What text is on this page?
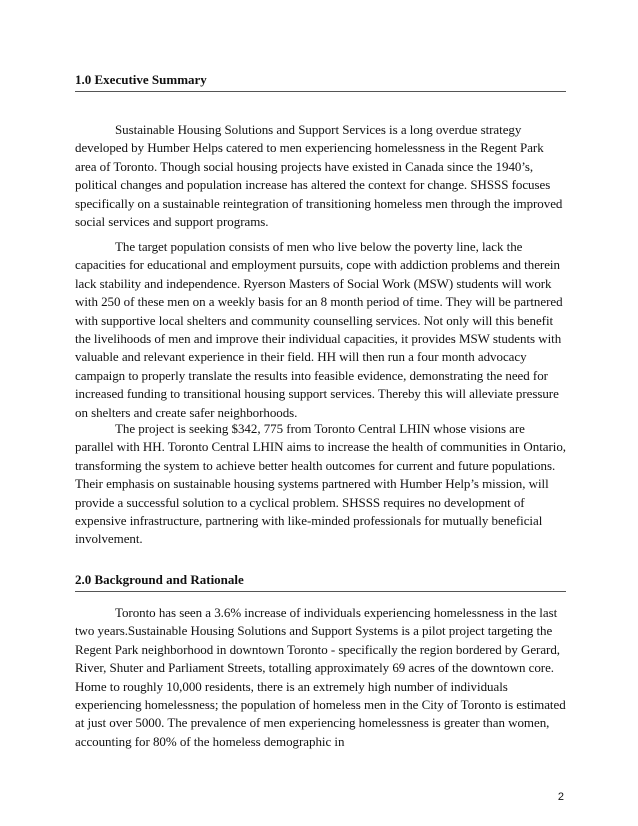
1.0 Executive Summary

Sustainable Housing Solutions and Support Services is a long overdue strategy developed by Humber Helps catered to men experiencing homelessness in the Regent Park area of Toronto. Though social housing projects have existed in Canada since the 1940’s, political changes and population increase has altered the context for change. SHSSS focuses specifically on a sustainable reintegration of transitioning homeless men through the improved social services and support programs.

The target population consists of men who live below the poverty line, lack the capacities for educational and employment pursuits, cope with addiction problems and therein lack stability and independence. Ryerson Masters of Social Work (MSW) students will work with 250 of these men on a weekly basis for an 8 month period of time. They will be partnered with supportive local shelters and community counselling services. Not only will this benefit the livelihoods of men and improve their individual capacities, it provides MSW students with valuable and relevant experience in their field. HH will then run a four month advocacy campaign to properly translate the results into feasible evidence, demonstrating the need for increased funding to transitional housing support services. Thereby this will alleviate pressure on shelters and create safer neighborhoods.

The project is seeking $342, 775 from Toronto Central LHIN whose visions are parallel with HH. Toronto Central LHIN aims to increase the health of communities in Ontario, transforming the system to achieve better health outcomes for current and future populations. Their emphasis on sustainable housing systems partnered with Humber Help’s mission, will provide a successful solution to a cyclical problem. SHSSS requires no development of expensive infrastructure, partnering with like-minded professionals for mutually beneficial involvement.

2.0 Background and Rationale

Toronto has seen a 3.6% increase of individuals experiencing homelessness in the last two years.Sustainable Housing Solutions and Support Systems is a pilot project targeting the Regent Park neighborhood in downtown Toronto - specifically the region bordered by Gerard, River, Shuter and Parliament Streets, totalling approximately 69 acres of the downtown core. Home to roughly 10,000 residents, there is an extremely high number of individuals experiencing homelessness; the population of homeless men in the City of Toronto is estimated at just over 5000. The prevalence of men experiencing homelessness is greater than women, accounting for 80% of the homeless demographic in

2
